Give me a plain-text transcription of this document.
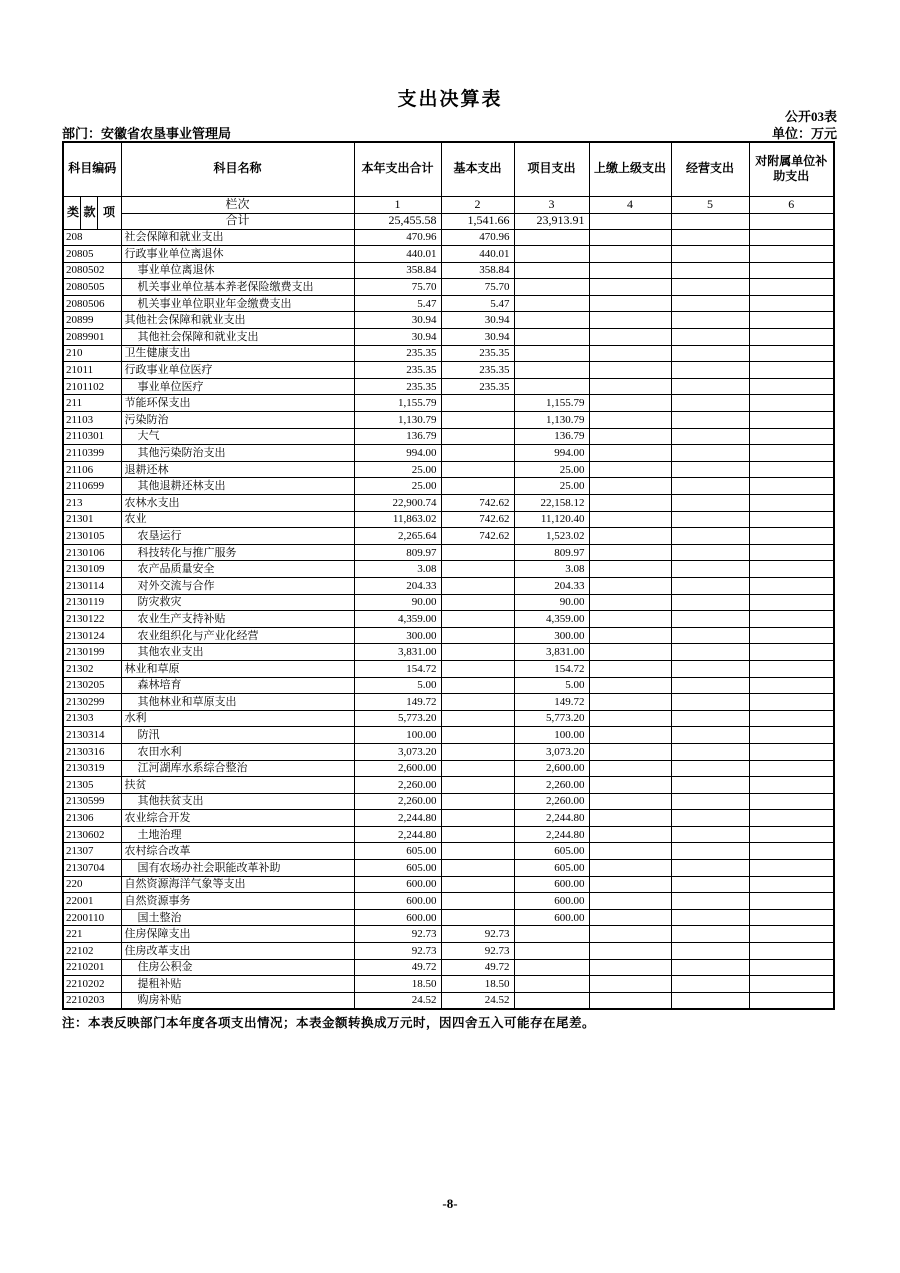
支出决算表
公开03表
部门：安徽省农垦事业管理局	单位：万元
科目编码			科目名称	本年支出合计	基本支出	项目支出	上缴上级支出	经营支出	对附属单位补助支出
类	款	项	栏次	1	2	3	4	5	6
			合计	25,455.58	1,541.66	23,913.91			
208			社会保障和就业支出	470.96	470.96				
20805			行政事业单位离退休	440.01	440.01				
2080502			事业单位离退休	358.84	358.84				
2080505			机关事业单位基本养老保险缴费支出	75.70	75.70				
2080506			机关事业单位职业年金缴费支出	5.47	5.47				
20899			其他社会保障和就业支出	30.94	30.94				
2089901			其他社会保障和就业支出	30.94	30.94				
210			卫生健康支出	235.35	235.35				
21011			行政事业单位医疗	235.35	235.35				
2101102			事业单位医疗	235.35	235.35				
211			节能环保支出	1,155.79		1,155.79			
21103			污染防治	1,130.79		1,130.79			
2110301			大气	136.79		136.79			
2110399			其他污染防治支出	994.00		994.00			
21106			退耕还林	25.00		25.00			
2110699			其他退耕还林支出	25.00		25.00			
213			农林水支出	22,900.74	742.62	22,158.12			
21301			农业	11,863.02	742.62	11,120.40			
2130105			农垦运行	2,265.64	742.62	1,523.02			
2130106			科技转化与推广服务	809.97		809.97			
2130109			农产品质量安全	3.08		3.08			
2130114			对外交流与合作	204.33		204.33			
2130119			防灾救灾	90.00		90.00			
2130122			农业生产支持补贴	4,359.00		4,359.00			
2130124			农业组织化与产业化经营	300.00		300.00			
2130199			其他农业支出	3,831.00		3,831.00			
21302			林业和草原	154.72		154.72			
2130205			森林培育	5.00		5.00			
2130299			其他林业和草原支出	149.72		149.72			
21303			水利	5,773.20		5,773.20			
2130314			防汛	100.00		100.00			
2130316			农田水利	3,073.20		3,073.20			
2130319			江河湖库水系综合整治	2,600.00		2,600.00			
21305			扶贫	2,260.00		2,260.00			
2130599			其他扶贫支出	2,260.00		2,260.00			
21306			农业综合开发	2,244.80		2,244.80			
2130602			土地治理	2,244.80		2,244.80			
21307			农村综合改革	605.00		605.00			
2130704			国有农场办社会职能改革补助	605.00		605.00			
220			自然资源海洋气象等支出	600.00		600.00			
22001			自然资源事务	600.00		600.00			
2200110			国土整治	600.00		600.00			
221			住房保障支出	92.73	92.73				
22102			住房改革支出	92.73	92.73				
2210201			住房公积金	49.72	49.72				
2210202			提租补贴	18.50	18.50				
2210203			购房补贴	24.52	24.52				
注：本表反映部门本年度各项支出情况；本表金额转换成万元时，因四舍五入可能存在尾差。
-8-
